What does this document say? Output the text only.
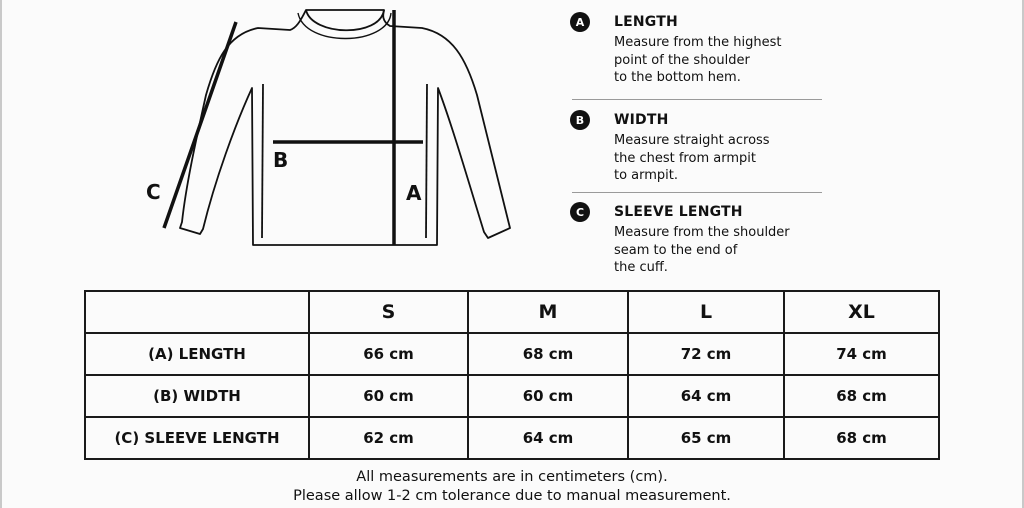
A
B
C
A	LENGTH
Measure from the highest
point of the shoulder
to the bottom hem.
B	WIDTH
Measure straight across
the chest from armpit
to armpit.
C	SLEEVE LENGTH
Measure from the shoulder
seam to the end of
the cuff.
	S	M	L	XL
(A) LENGTH	66 cm	68 cm	72 cm	74 cm
(B) WIDTH	60 cm	60 cm	64 cm	68 cm
(C) SLEEVE LENGTH	62 cm	64 cm	65 cm	68 cm
All measurements are in centimeters (cm).
Please allow 1-2 cm tolerance due to manual measurement.
